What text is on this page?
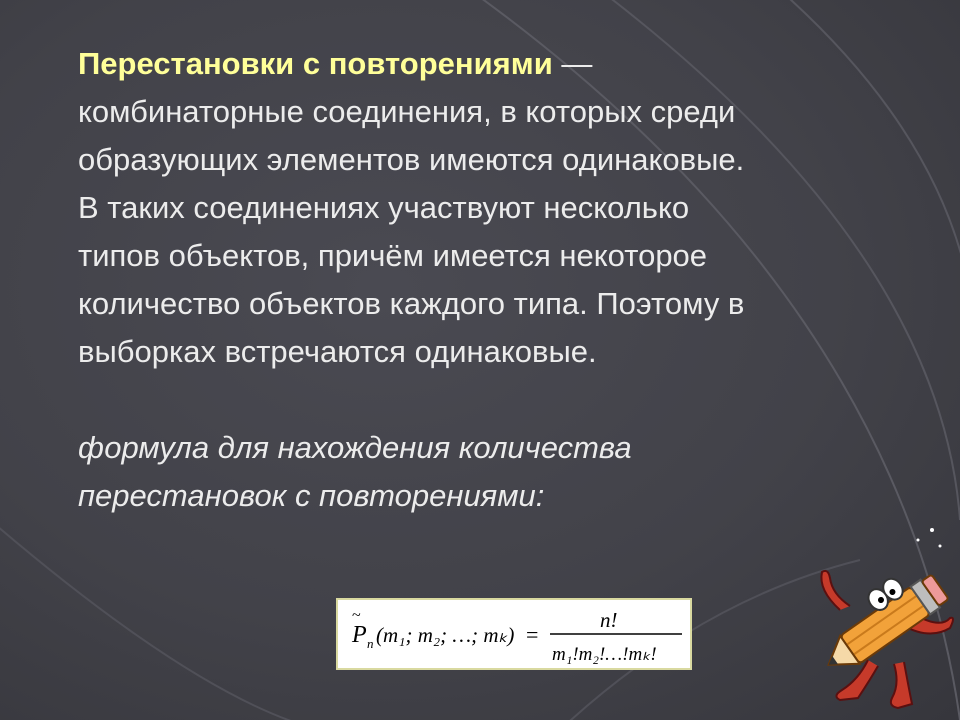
Перестановки с повторениями —

комбинаторные соединения, в которых среди

образующих элементов имеются одинаковые.

В таких соединениях участвуют несколько

типов объектов, причём имеется некоторое

количество объектов каждого типа. Поэтому в

выборках встречаются одинаковые.

формула для нахождения количества

перестановок с повторениями:

P
~
n (m₁; m₂; …; mₖ) =
n!
m₁!m₂!…!mₖ!
